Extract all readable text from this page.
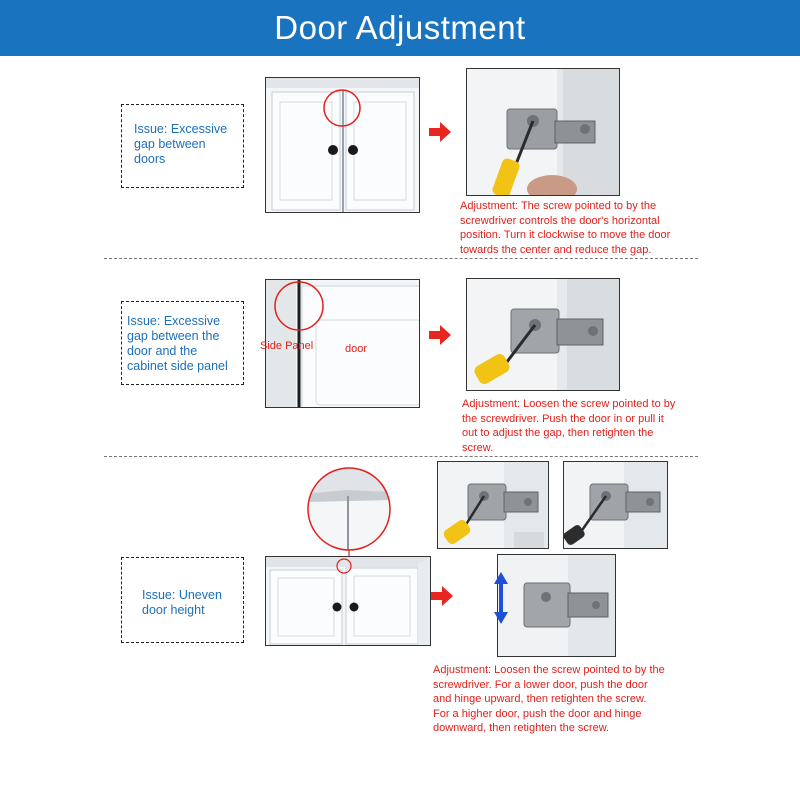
Door Adjustment

Issue: Excessive gap between doors

Adjustment: The screw pointed to by the screwdriver controls the door's horizontal position. Turn it clockwise to move the door towards the center and reduce the gap.

Issue: Excessive gap between the door and the cabinet side panel

Side Panel	door

Adjustment: Loosen the screw pointed to by the screwdriver. Push the door in or pull it out to adjust the gap, then retighten the screw.

Issue: Uneven door height

Adjustment: Loosen the screw pointed to by the screwdriver. For a lower door, push the door and hinge upward, then retighten the screw. For a higher door, push the door and hinge downward, then retighten the screw.
